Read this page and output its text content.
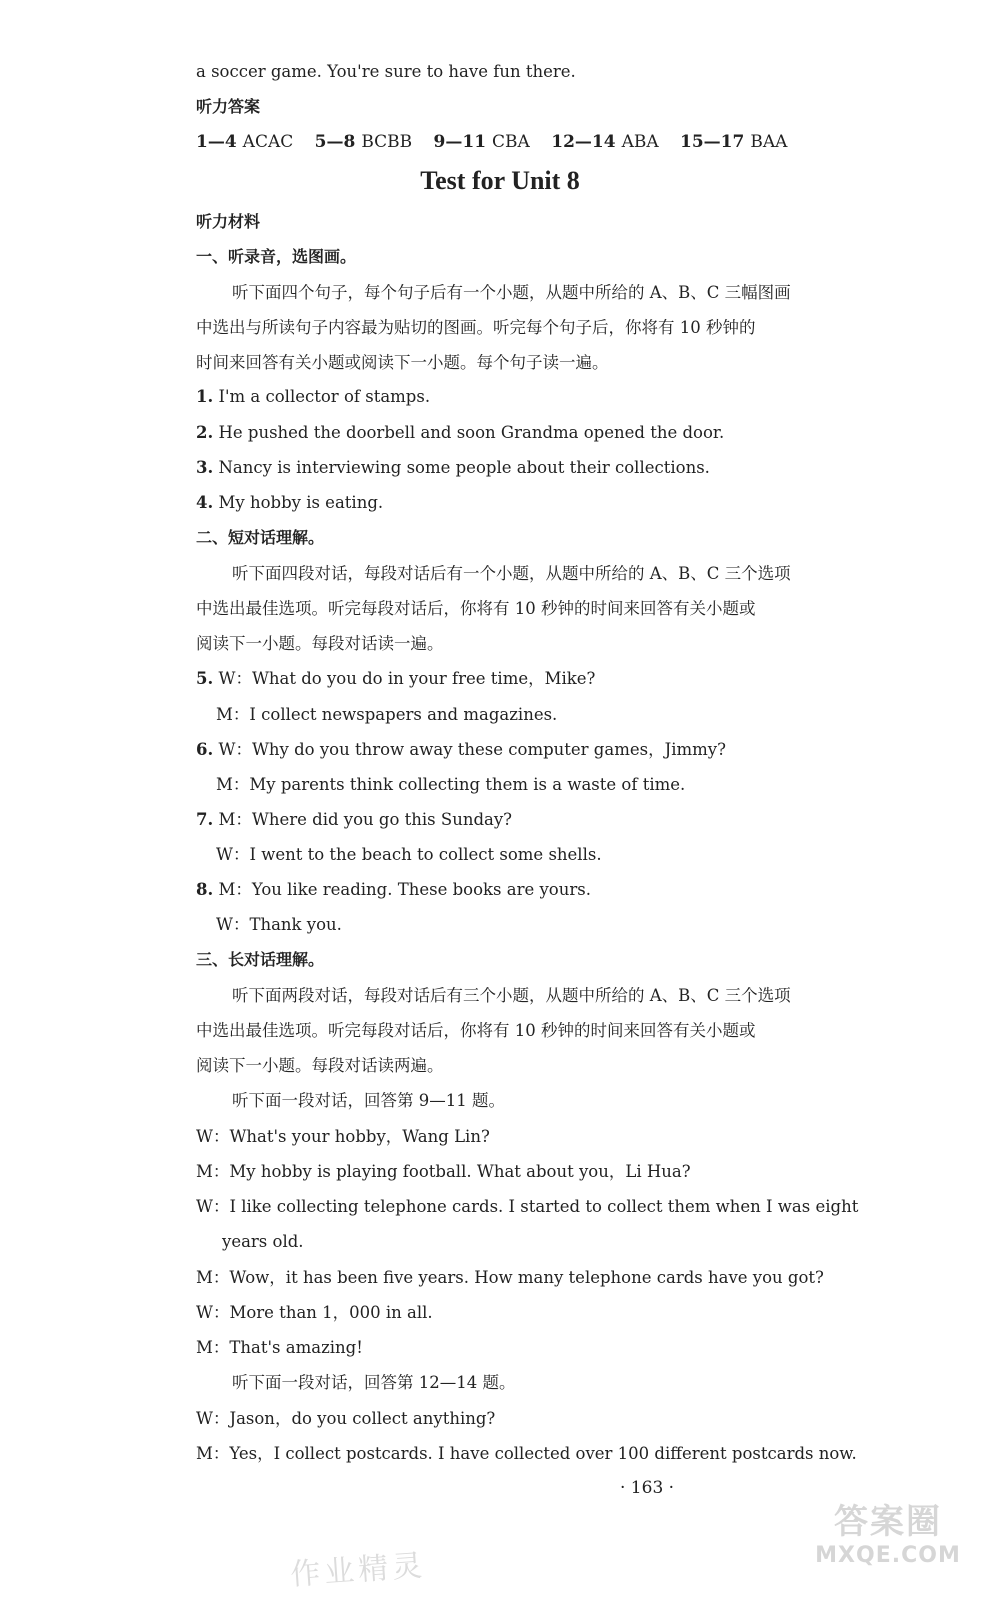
a soccer game. You're sure to have fun there.
听力答案
1—4 ACAC 5—8 BCBB 9—11 CBA 12—14 ABA 15—17 BAA
Test for Unit 8
听力材料
一、听录音，选图画。
听下面四个句子，每个句子后有一个小题，从题中所给的 A、B、C 三幅图画
中选出与所读句子内容最为贴切的图画。听完每个句子后，你将有 10 秒钟的
时间来回答有关小题或阅读下一小题。每个句子读一遍。
1. I'm a collector of stamps.
2. He pushed the doorbell and soon Grandma opened the door.
3. Nancy is interviewing some people about their collections.
4. My hobby is eating.
二、短对话理解。
听下面四段对话，每段对话后有一个小题，从题中所给的 A、B、C 三个选项
中选出最佳选项。听完每段对话后，你将有 10 秒钟的时间来回答有关小题或
阅读下一小题。每段对话读一遍。
5. W：What do you do in your free time，Mike?
M：I collect newspapers and magazines.
6. W：Why do you throw away these computer games，Jimmy?
M：My parents think collecting them is a waste of time.
7. M：Where did you go this Sunday?
W：I went to the beach to collect some shells.
8. M：You like reading. These books are yours.
W：Thank you.
三、长对话理解。
听下面两段对话，每段对话后有三个小题，从题中所给的 A、B、C 三个选项
中选出最佳选项。听完每段对话后，你将有 10 秒钟的时间来回答有关小题或
阅读下一小题。每段对话读两遍。
听下面一段对话，回答第 9—11 题。
W：What's your hobby，Wang Lin?
M：My hobby is playing football. What about you，Li Hua?
W：I like collecting telephone cards. I started to collect them when I was eight
years old.
M：Wow，it has been five years. How many telephone cards have you got?
W：More than 1，000 in all.
M：That's amazing!
听下面一段对话，回答第 12—14 题。
W：Jason，do you collect anything?
M：Yes，I collect postcards. I have collected over 100 different postcards now.
· 163 ·
作业精灵
答案圈
MXQE.COM
